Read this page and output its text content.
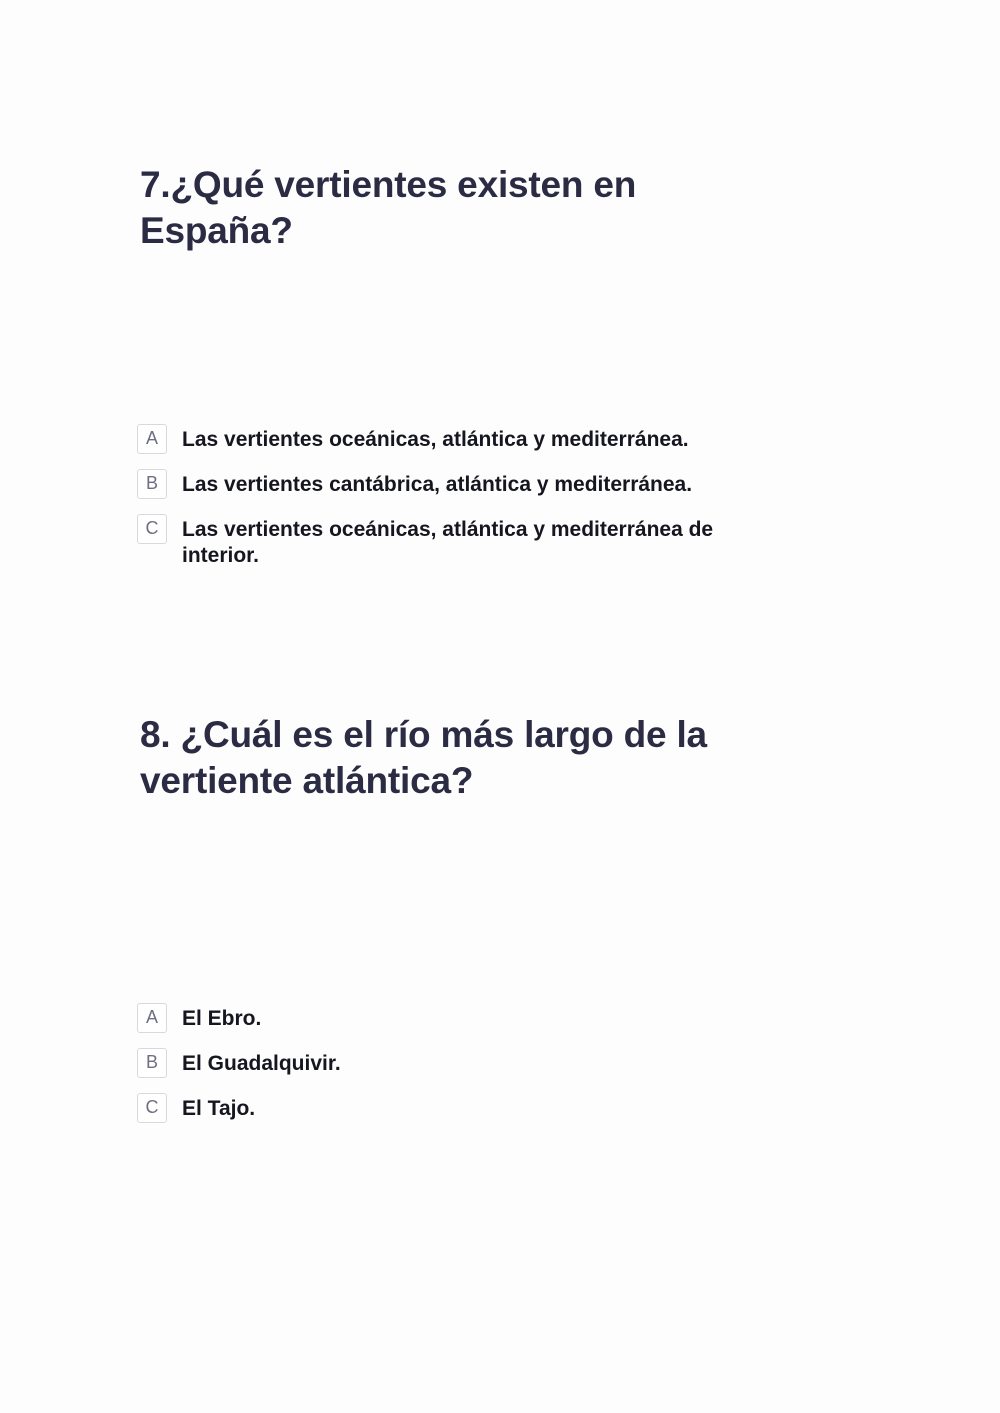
7.¿Qué vertientes existen en España?
A	Las vertientes oceánicas, atlántica y mediterránea.
B	Las vertientes cantábrica, atlántica y mediterránea.
C	Las vertientes oceánicas, atlántica y mediterránea de interior.
8. ¿Cuál es el río más largo de la vertiente atlántica?
A	El Ebro.
B	El Guadalquivir.
C	El Tajo.
